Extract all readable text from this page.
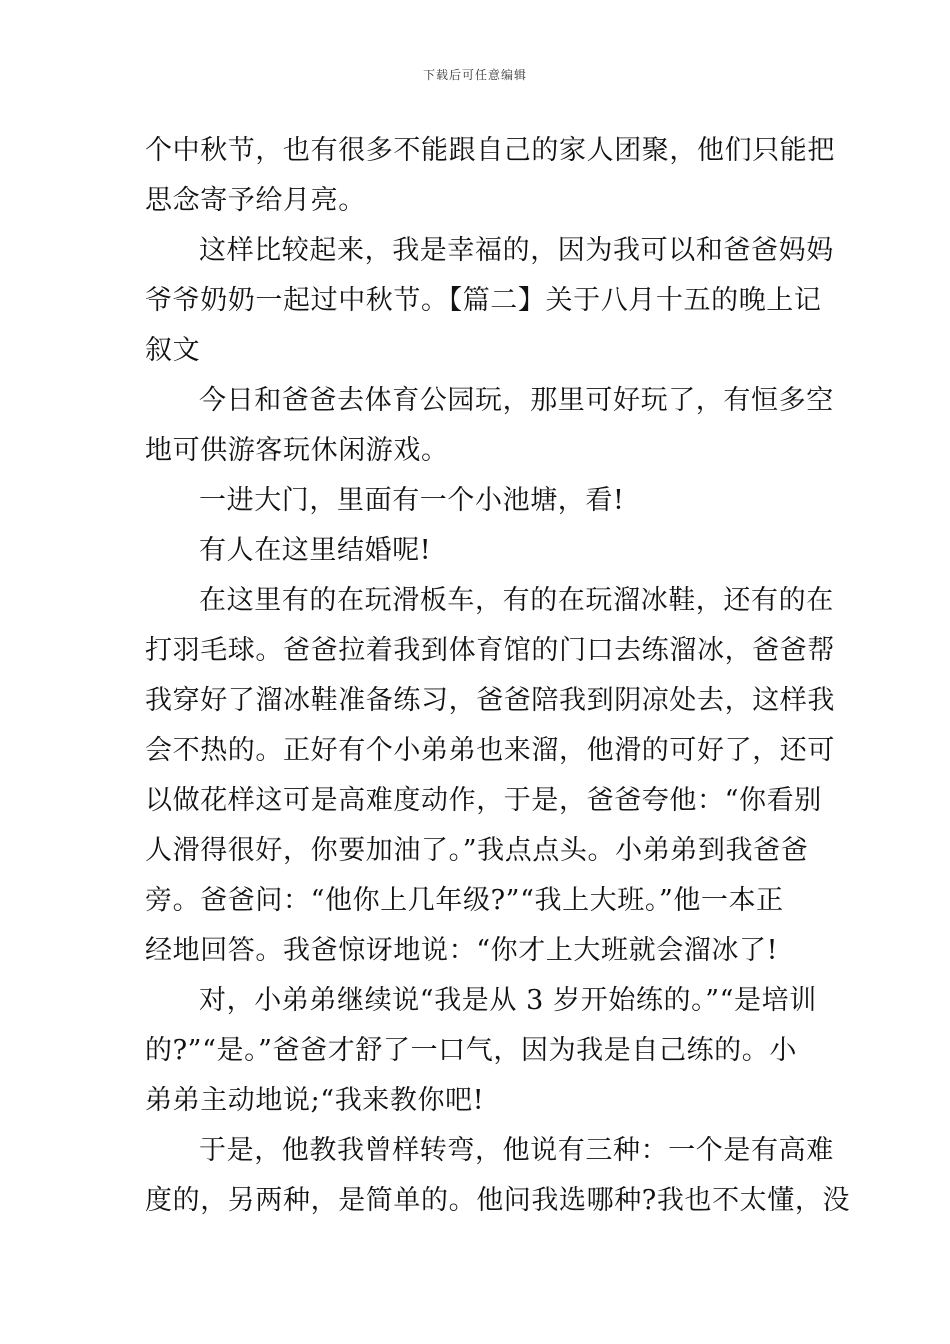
下载后可任意编辑
个中秋节，也有很多不能跟自己的家人团聚，他们只能把
思念寄予给月亮。
这样比较起来，我是幸福的，因为我可以和爸爸妈妈
爷爷奶奶一起过中秋节。【篇二】关于八月十五的晚上记
叙文
今日和爸爸去体育公园玩，那里可好玩了，有恒多空
地可供游客玩休闲游戏。
一进大门，里面有一个小池塘，看!
有人在这里结婚呢!
在这里有的在玩滑板车，有的在玩溜冰鞋，还有的在
打羽毛球。爸爸拉着我到体育馆的门口去练溜冰，爸爸帮
我穿好了溜冰鞋准备练习，爸爸陪我到阴凉处去，这样我
会不热的。正好有个小弟弟也来溜，他滑的可好了，还可
以做花样这可是高难度动作，于是，爸爸夸他：“你看别
人滑得很好，你要加油了。”我点点头。小弟弟到我爸爸
旁。爸爸问：“他你上几年级?”“我上大班。”他一本正
经地回答。我爸惊讶地说：“你才上大班就会溜冰了!
对，小弟弟继续说“我是从 3 岁开始练的。”“是培训
的?”“是。”爸爸才舒了一口气，因为我是自己练的。小
弟弟主动地说;“我来教你吧!
于是，他教我曾样转弯，他说有三种：一个是有高难
度的，另两种，是简单的。他问我选哪种?我也不太懂，没
